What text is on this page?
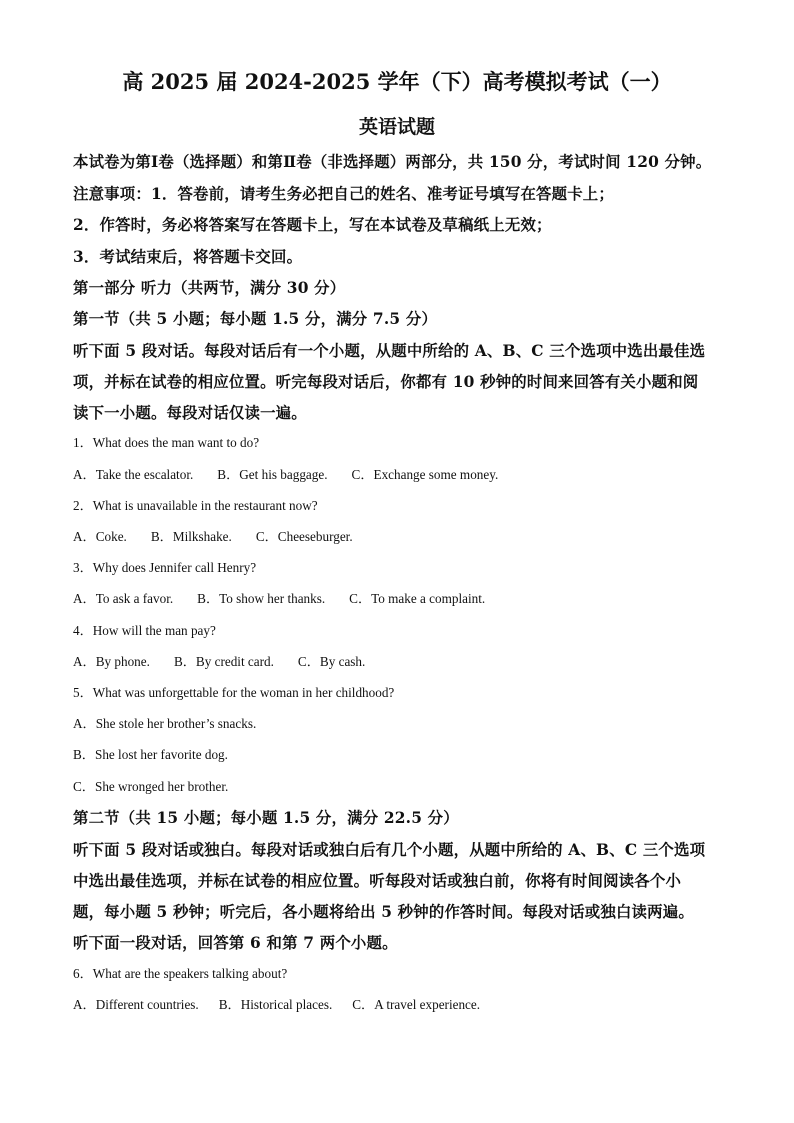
高 2025 届 2024-2025 学年（下）高考模拟考试（一）
英语试题
本试卷为第Ⅰ卷（选择题）和第Ⅱ卷（非选择题）两部分，共 150 分，考试时间 120 分钟。
注意事项：1．答卷前，请考生务必把自己的姓名、准考证号填写在答题卡上；
2．作答时，务必将答案写在答题卡上，写在本试卷及草稿纸上无效；
3．考试结束后，将答题卡交回。
第一部分 听力（共两节，满分 30 分）
第一节（共 5 小题；每小题 1.5 分，满分 7.5 分）
听下面 5 段对话。每段对话后有一个小题，从题中所给的 A、B、C 三个选项中选出最佳选
项，并标在试卷的相应位置。听完每段对话后，你都有 10 秒钟的时间来回答有关小题和阅
读下一小题。每段对话仅读一遍。
1．What does the man want to do?
A．Take the escalator. B．Get his baggage. C．Exchange some money.
2．What is unavailable in the restaurant now?
A．Coke. B．Milkshake. C．Cheeseburger.
3．Why does Jennifer call Henry?
A．To ask a favor. B．To show her thanks. C．To make a complaint.
4．How will the man pay?
A．By phone. B．By credit card. C．By cash.
5．What was unforgettable for the woman in her childhood?
A．She stole her brother’s snacks.
B．She lost her favorite dog.
C．She wronged her brother.
第二节（共 15 小题；每小题 1.5 分，满分 22.5 分）
听下面 5 段对话或独白。每段对话或独白后有几个小题，从题中所给的 A、B、C 三个选项
中选出最佳选项，并标在试卷的相应位置。听每段对话或独白前，你将有时间阅读各个小
题，每小题 5 秒钟；听完后，各小题将给出 5 秒钟的作答时间。每段对话或独白读两遍。
听下面一段对话，回答第 6 和第 7 两个小题。
6．What are the speakers talking about?
A．Different countries. B．Historical places. C．A travel experience.
